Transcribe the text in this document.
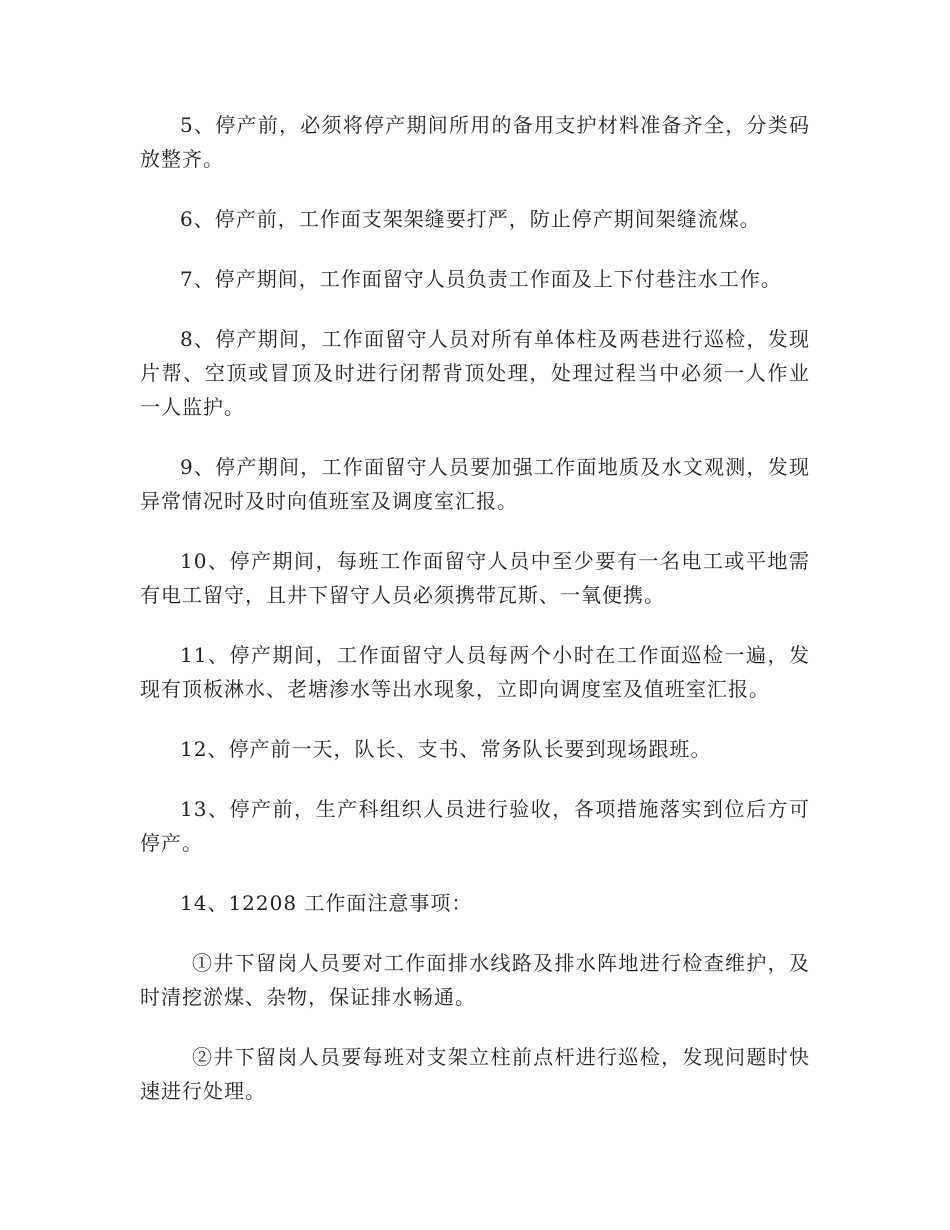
5、停产前，必须将停产期间所用的备用支护材料准备齐全，分类码放整齐。

6、停产前，工作面支架架缝要打严，防止停产期间架缝流煤。

7、停产期间，工作面留守人员负责工作面及上下付巷注水工作。

8、停产期间，工作面留守人员对所有单体柱及两巷进行巡检，发现片帮、空顶或冒顶及时进行闭帮背顶处理，处理过程当中必须一人作业一人监护。

9、停产期间，工作面留守人员要加强工作面地质及水文观测，发现异常情况时及时向值班室及调度室汇报。

10、停产期间，每班工作面留守人员中至少要有一名电工或平地需有电工留守，且井下留守人员必须携带瓦斯、一氧便携。

11、停产期间，工作面留守人员每两个小时在工作面巡检一遍，发现有顶板淋水、老塘渗水等出水现象，立即向调度室及值班室汇报。

12、停产前一天，队长、支书、常务队长要到现场跟班。

13、停产前，生产科组织人员进行验收，各项措施落实到位后方可停产。

14、12208 工作面注意事项：

①井下留岗人员要对工作面排水线路及排水阵地进行检查维护，及时清挖淤煤、杂物，保证排水畅通。

②井下留岗人员要每班对支架立柱前点杆进行巡检，发现问题时快速进行处理。
